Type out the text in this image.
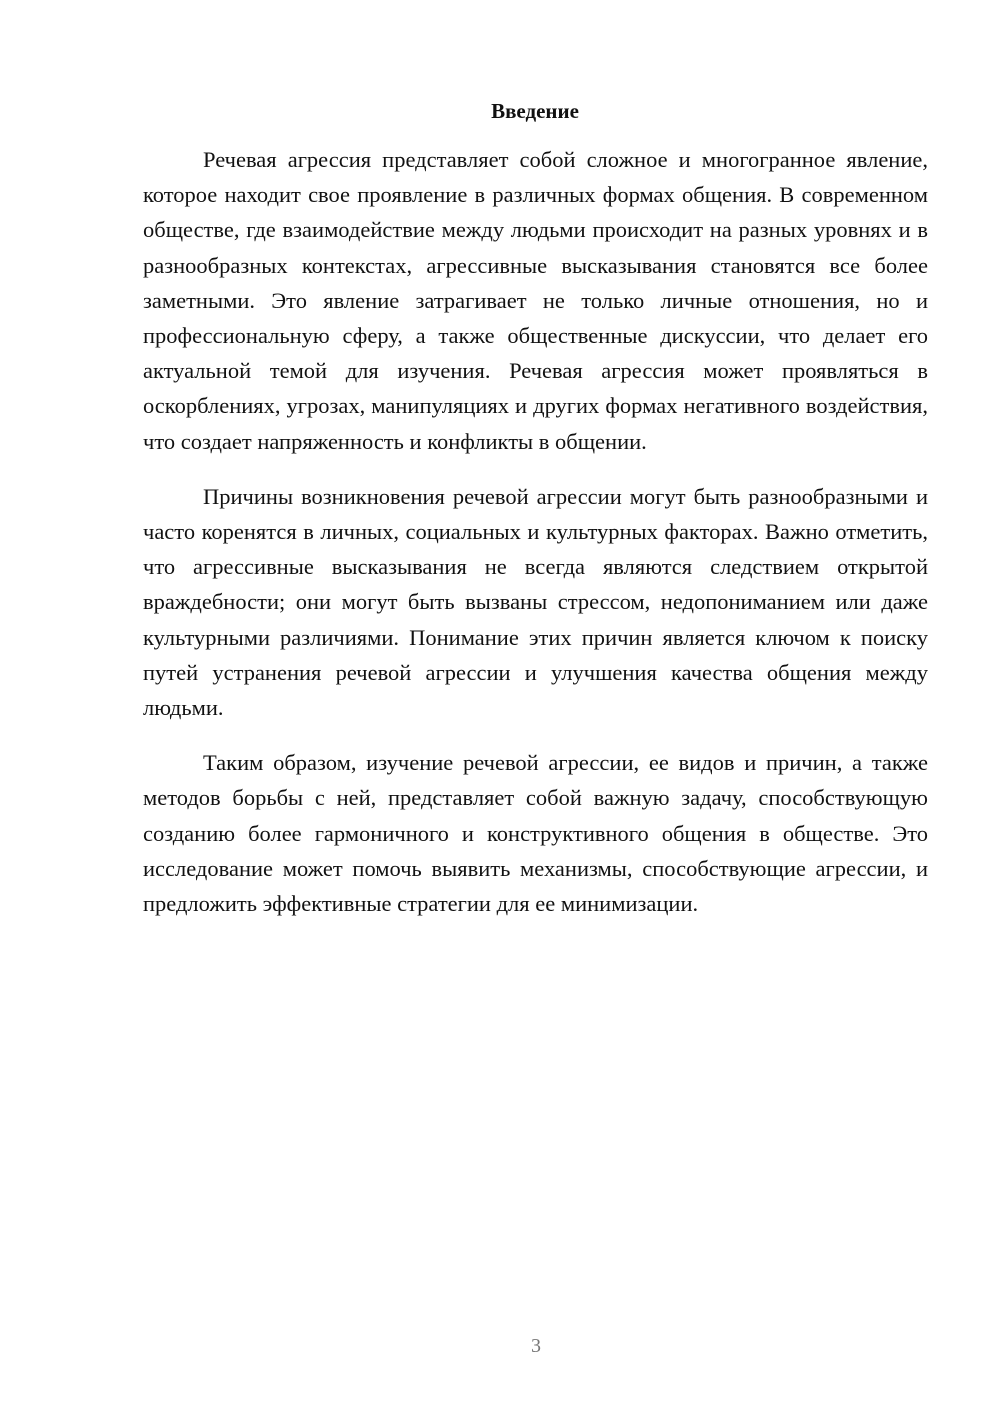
Введение

Речевая агрессия представляет собой сложное и многогранное явление, которое находит свое проявление в различных формах общения. В современном обществе, где взаимодействие между людьми происходит на разных уровнях и в разнообразных контекстах, агрессивные высказывания становятся все более заметными. Это явление затрагивает не только личные отношения, но и профессиональную сферу, а также общественные дискуссии, что делает его актуальной темой для изучения. Речевая агрессия может проявляться в оскорблениях, угрозах, манипуляциях и других формах негативного воздействия, что создает напряженность и конфликты в общении.

Причины возникновения речевой агрессии могут быть разнообразными и часто коренятся в личных, социальных и культурных факторах. Важно отметить, что агрессивные высказывания не всегда являются следствием открытой враждебности; они могут быть вызваны стрессом, недопониманием или даже культурными различиями. Понимание этих причин является ключом к поиску путей устранения речевой агрессии и улучшения качества общения между людьми.

Таким образом, изучение речевой агрессии, ее видов и причин, а также методов борьбы с ней, представляет собой важную задачу, способствующую созданию более гармоничного и конструктивного общения в обществе. Это исследование может помочь выявить механизмы, способствующие агрессии, и предложить эффективные стратегии для ее минимизации.

3
